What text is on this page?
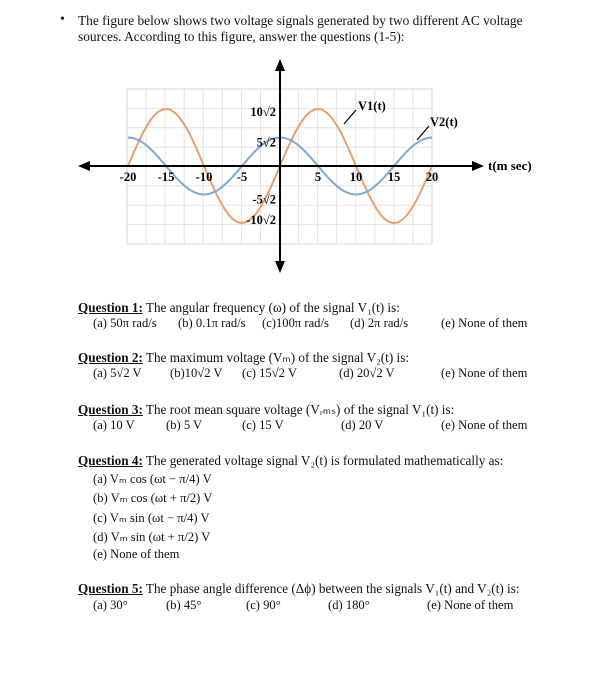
• The figure below shows two voltage signals generated by two different AC voltage
sources. According to this figure, answer the questions (1-5):
-20 -15 -10 -5	5 10 15 20
10√2
5√2
-5√2
-10√2
t(m sec)
V1(t)
V2(t)
Question 1: The angular frequency (ω) of the signal V₁(t) is:
(a) 50π rad/s (b) 0.1π rad/s (c)100π rad/s (d) 2π rad/s	(e) None of them
Question 2: The maximum voltage (Vₘ) of the signal V₂(t) is:
(a) 5√2 V (b)10√2 V (c) 15√2 V	(d) 20√2 V	(e) None of them
Question 3: The root mean square voltage (Vᵣₘₛ) of the signal V₁(t) is:
(a) 10 V (b) 5 V	(c) 15 V	(d) 20 V	(e) None of them
Question 4: The generated voltage signal V₂(t) is formulated mathematically as:
(a) Vₘ cos (ωt − π/4) V
(b) Vₘ cos (ωt + π/2) V
(c) Vₘ sin (ωt − π/4) V
(d) Vₘ sin (ωt + π/2) V
(e) None of them
Question 5: The phase angle difference (Δϕ) between the signals V₁(t) and V₂(t) is:
(a) 30°	(b) 45°	(c) 90°	(d) 180°	(e) None of them
